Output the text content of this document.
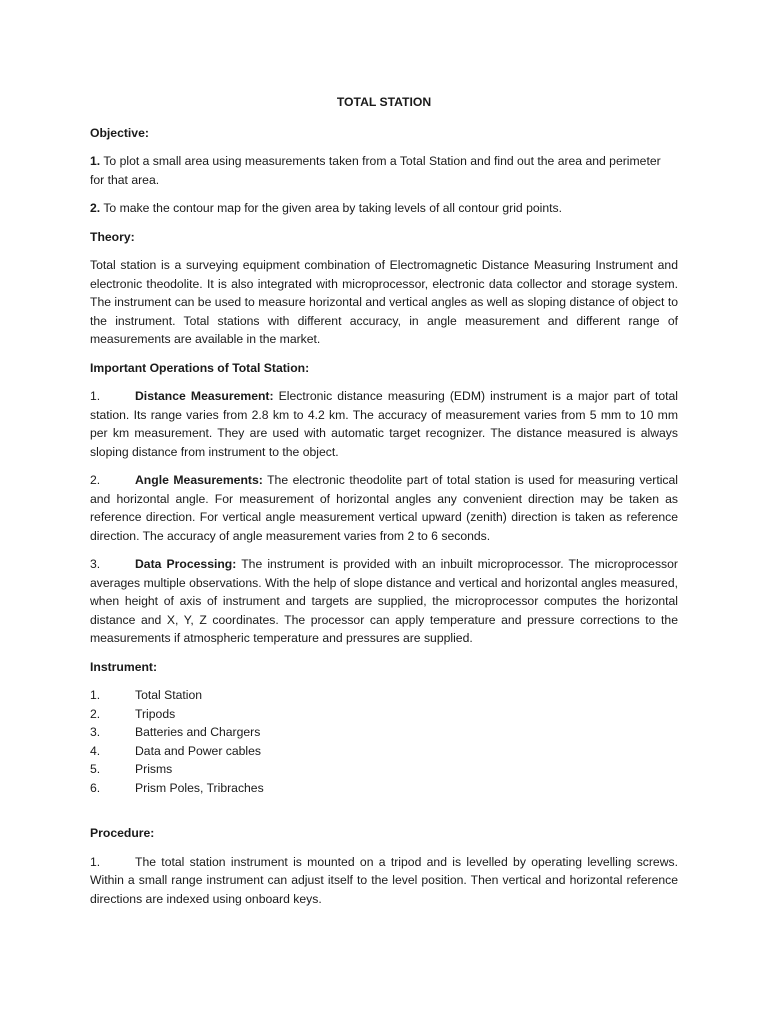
TOTAL STATION
Objective:

1. To plot a small area using measurements taken from a Total Station and find out the area and perimeter for that area.

2. To make the contour map for the given area by taking levels of all contour grid points.

Theory:

Total station is a surveying equipment combination of Electromagnetic Distance Measuring Instrument and electronic theodolite. It is also integrated with microprocessor, electronic data collector and storage system. The instrument can be used to measure horizontal and vertical angles as well as sloping distance of object to the instrument. Total stations with different accuracy, in angle measurement and different range of measurements are available in the market.

Important Operations of Total Station:

1.	Distance Measurement: Electronic distance measuring (EDM) instrument is a major part of total station. Its range varies from 2.8 km to 4.2 km. The accuracy of measurement varies from 5 mm to 10 mm per km measurement. They are used with automatic target recognizer. The distance measured is always sloping distance from instrument to the object.

2.	Angle Measurements: The electronic theodolite part of total station is used for measuring vertical and horizontal angle. For measurement of horizontal angles any convenient direction may be taken as reference direction. For vertical angle measurement vertical upward (zenith) direction is taken as reference direction. The accuracy of angle measurement varies from 2 to 6 seconds.

3.	Data Processing: The instrument is provided with an inbuilt microprocessor. The microprocessor averages multiple observations. With the help of slope distance and vertical and horizontal angles measured, when height of axis of instrument and targets are supplied, the microprocessor computes the horizontal distance and X, Y, Z coordinates. The processor can apply temperature and pressure corrections to the measurements if atmospheric temperature and pressures are supplied.

Instrument:
1.	Total Station
2.	Tripods
3.	Batteries and Chargers
4.	Data and Power cables
5.	Prisms
6.	Prism Poles, Tribraches
Procedure:

1.	The total station instrument is mounted on a tripod and is levelled by operating levelling screws. Within a small range instrument can adjust itself to the level position. Then vertical and horizontal reference directions are indexed using onboard keys.
